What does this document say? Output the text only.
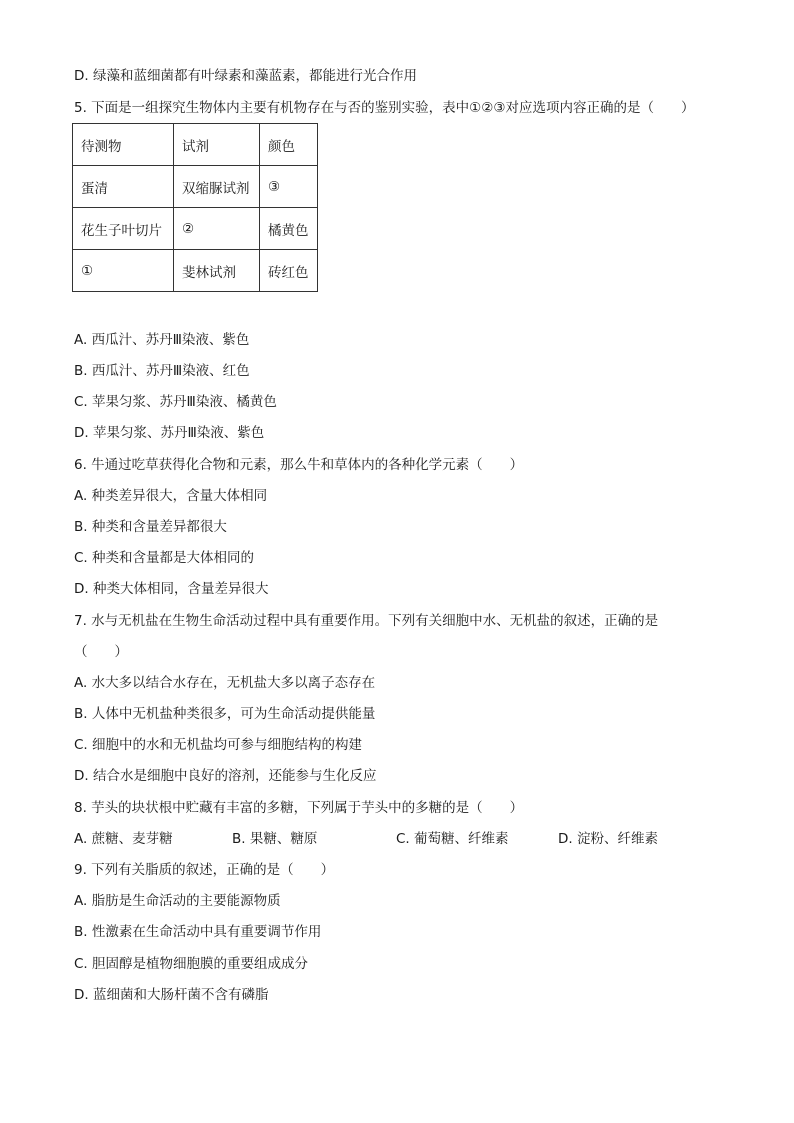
D. 绿藻和蓝细菌都有叶绿素和藻蓝素，都能进行光合作用
5. 下面是一组探究生物体内主要有机物存在与否的鉴别实验，表中①②③对应选项内容正确的是（　　）
待测物	试剂	颜色
蛋清	双缩脲试剂	③
花生子叶切片	②	橘黄色
①	斐林试剂	砖红色
A. 西瓜汁、苏丹Ⅲ染液、紫色
B. 西瓜汁、苏丹Ⅲ染液、红色
C. 苹果匀浆、苏丹Ⅲ染液、橘黄色
D. 苹果匀浆、苏丹Ⅲ染液、紫色
6. 牛通过吃草获得化合物和元素，那么牛和草体内的各种化学元素（　　）
A. 种类差异很大，含量大体相同
B. 种类和含量差异都很大
C. 种类和含量都是大体相同的
D. 种类大体相同，含量差异很大
7. 水与无机盐在生物生命活动过程中具有重要作用。下列有关细胞中水、无机盐的叙述，正确的是
（　　）
A. 水大多以结合水存在，无机盐大多以离子态存在
B. 人体中无机盐种类很多，可为生命活动提供能量
C. 细胞中的水和无机盐均可参与细胞结构的构建
D. 结合水是细胞中良好的溶剂，还能参与生化反应
8. 芋头的块状根中贮藏有丰富的多糖，下列属于芋头中的多糖的是（　　）
A. 蔗糖、麦芽糖	B. 果糖、糖原	C. 葡萄糖、纤维素	D. 淀粉、纤维素
9. 下列有关脂质的叙述，正确的是（　　）
A. 脂肪是生命活动的主要能源物质
B. 性激素在生命活动中具有重要调节作用
C. 胆固醇是植物细胞膜的重要组成成分
D. 蓝细菌和大肠杆菌不含有磷脂
